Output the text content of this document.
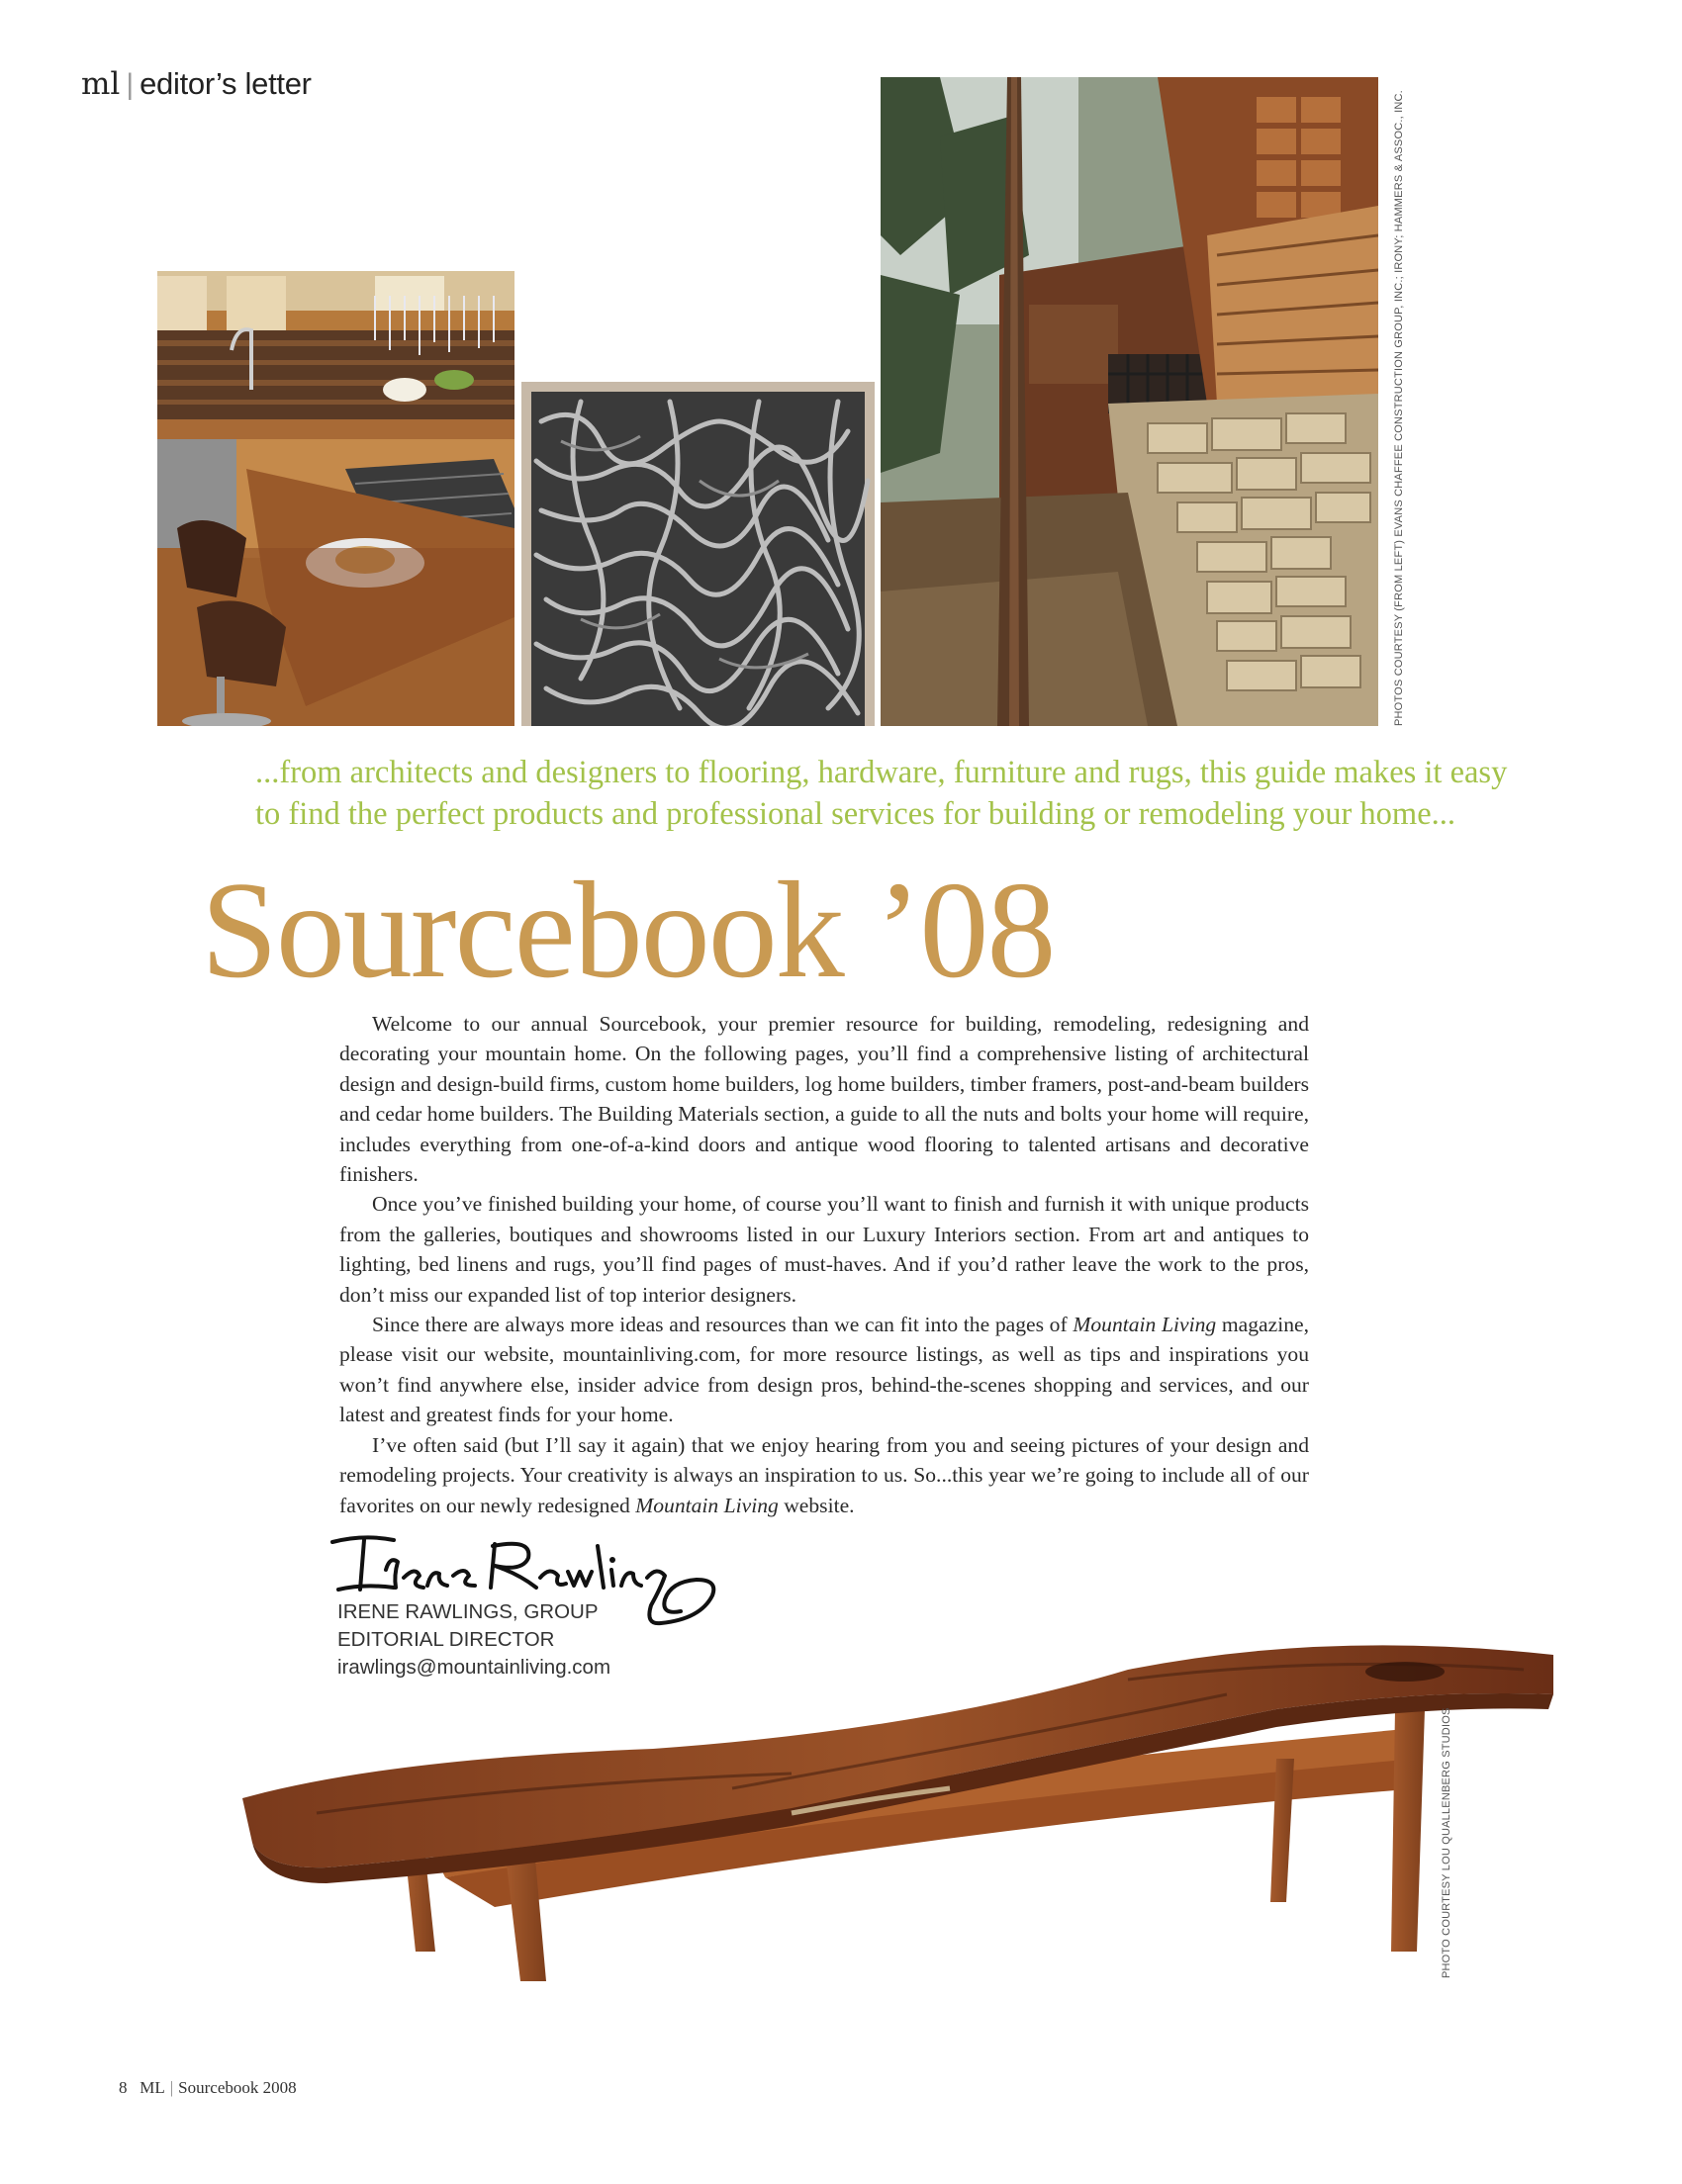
ml | editor’s letter
PHOTOS COURTESY (FROM LEFT) EVANS CHAFFEE CONSTRUCTION GROUP, INC.; IRONY; HAMMERS & ASSOC., INC.
...from architects and designers to flooring, hardware, furniture and rugs, this guide makes it easy
to find the perfect products and professional services for building or remodeling your home...
Sourcebook ’08

Welcome to our annual Sourcebook, your premier resource for building, remodeling, redesigning and decorating your mountain home. On the following pages, you’ll find a comprehensive listing of architectural design and design-build firms, custom home builders, log home builders, timber framers, post-and-beam builders and cedar home builders. The Building Materials section, a guide to all the nuts and bolts your home will require, includes everything from one-of-a-kind doors and antique wood flooring to talented artisans and decorative finishers.

Once you’ve finished building your home, of course you’ll want to finish and furnish it with unique products from the galleries, boutiques and showrooms listed in our Luxury Interiors section. From art and antiques to lighting, bed linens and rugs, you’ll find pages of must-haves. And if you’d rather leave the work to the pros, don’t miss our expanded list of top interior designers.

Since there are always more ideas and resources than we can fit into the pages of Mountain Living magazine, please visit our website, mountainliving.com, for more resource listings, as well as tips and inspirations you won’t find anywhere else, insider advice from design pros, behind-the-scenes shopping and services, and our latest and greatest finds for your home.

I’ve often said (but I’ll say it again) that we enjoy hearing from you and seeing pictures of your design and remodeling projects. Your creativity is always an inspiration to us. So...this year we’re going to include all of our favorites on our newly redesigned Mountain Living website.

IRENE RAWLINGS, GROUP
EDITORIAL DIRECTOR
irawlings@mountainliving.com
PHOTO COURTESY LOU QUALLENBERG STUDIOS
8 ML | Sourcebook 2008
